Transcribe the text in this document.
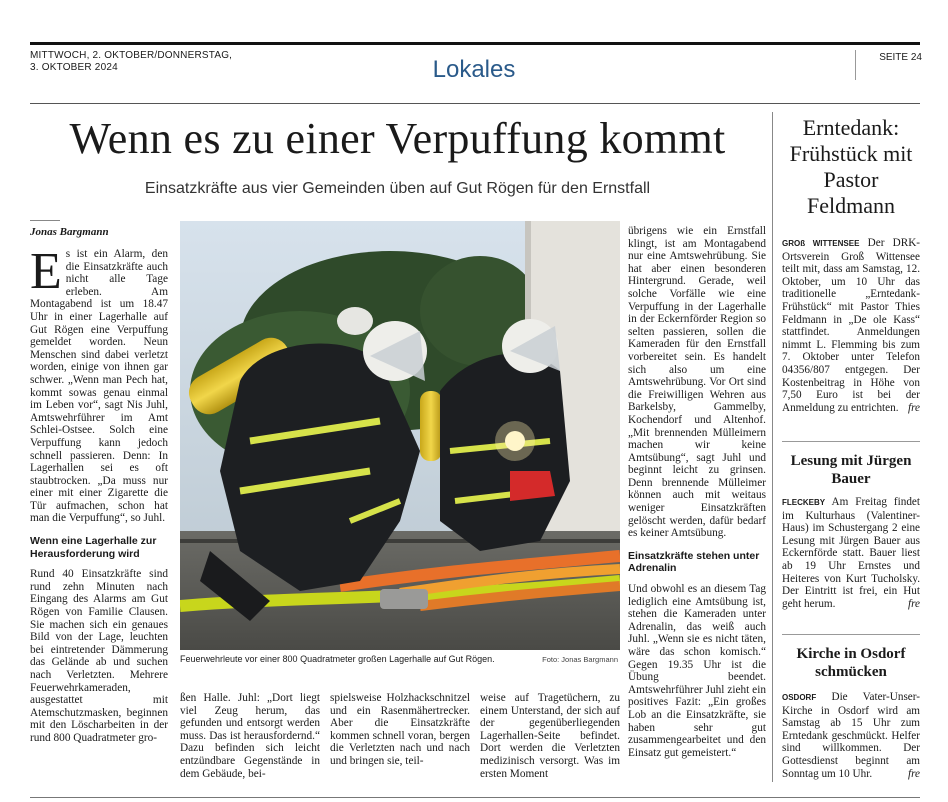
MITTWOCH, 2. OKTOBER/DONNERSTAG,
3. OKTOBER 2024	Lokales	SEITE 24
Wenn es zu einer Verpuffung kommt
Einsatzkräfte aus vier Gemeinden üben auf Gut Rögen für den Ernstfall
Jonas Bargmann

Es ist ein Alarm, den die Einsatzkräfte auch nicht alle Tage erleben. Am Montagabend ist um 18.47 Uhr in einer Lagerhalle auf Gut Rögen eine Verpuffung gemeldet worden. Neun Menschen sind dabei verletzt worden, einige von ihnen gar schwer. „Wenn man Pech hat, kommt sowas genau einmal im Leben vor“, sagt Nis Juhl, Amtswehrführer im Amt Schlei-Ostsee. Solch eine Verpuffung kann jedoch schnell passieren. Denn: In Lagerhallen sei es oft staubtrocken. „Da muss nur einer mit einer Zigarette die Tür aufmachen, schon hat man die Verpuffung“, so Juhl.

Wenn eine Lagerhalle zur Herausforderung wird

Rund 40 Einsatzkräfte sind rund zehn Minuten nach Eingang des Alarms am Gut Rögen von Familie Clausen. Sie machen sich ein genaues Bild von der Lage, leuchten bei eintretender Dämmerung das Gelände ab und suchen nach Verletzten. Mehrere Feuerwehrkameraden, ausgestattet mit Atemschutzmasken, beginnen mit den Löscharbeiten in der rund 800 Quadratmeter gro-

Feuerwehrleute vor einer 800 Quadratmeter großen Lagerhalle auf Gut Rögen.	Foto: Jonas Bargmann

ßen Halle. Juhl: „Dort liegt viel Zeug herum, das gefunden und entsorgt werden muss. Das ist herausfordernd.“ Dazu befinden sich leicht entzündbare Gegenstände in dem Gebäude, bei-

spielsweise Holzhackschnitzel und ein Rasenmähertrecker. Aber die Einsatzkräfte kommen schnell voran, bergen die Verletzten nach und nach und bringen sie, teil-

weise auf Tragetüchern, zu einem Unterstand, der sich auf der gegenüberliegenden Lagerhallen-Seite befindet. Dort werden die Verletzten medizinisch versorgt. Was im ersten Moment

übrigens wie ein Ernstfall klingt, ist am Montagabend nur eine Amtswehrübung. Sie hat aber einen besonderen Hintergrund. Gerade, weil solche Vorfälle wie eine Verpuffung in der Lagerhalle in der Eckernförder Region so selten passieren, sollen die Kameraden für den Ernstfall vorbereitet sein. Es handelt sich also um eine Amtswehrübung. Vor Ort sind die Freiwilligen Wehren aus Barkelsby, Gammelby, Kochendorf und Altenhof. „Mit brennenden Mülleimern machen wir keine Amtsübung“, sagt Juhl und beginnt leicht zu grinsen. Denn brennende Mülleimer können auch mit weitaus weniger Einsatzkräften gelöscht werden, dafür bedarf es keiner Amtsübung.

Einsatzkräfte stehen unter Adrenalin

Und obwohl es an diesem Tag lediglich eine Amtsübung ist, stehen die Kameraden unter Adrenalin, das weiß auch Juhl. „Wenn sie es nicht täten, wäre das schon komisch.“ Gegen 19.35 Uhr ist die Übung beendet. Amtswehrführer Juhl zieht ein positives Fazit: „Ein großes Lob an die Einsatzkräfte, sie haben sehr gut zusammengearbeitet und den Einsatz gut gemeistert.“

Erntedank: Frühstück mit Pastor Feldmann
GROß WITTENSEE Der DRK-Ortsverein Groß Wittensee teilt mit, dass am Samstag, 12. Oktober, um 10 Uhr das traditionelle „Erntedank-Frühstück“ mit Pastor Thies Feldmann in „De ole Kass“ stattfindet. Anmeldungen nimmt L. Flemming bis zum 7. Oktober unter Telefon 04356/807 entgegen. Der Kostenbeitrag in Höhe von 7,50 Euro ist bei der Anmeldung zu entrichten. fre
Lesung mit Jürgen Bauer
FLECKEBY Am Freitag findet im Kulturhaus (Valentiner-Haus) im Schustergang 2 eine Lesung mit Jürgen Bauer aus Eckernförde statt. Bauer liest ab 19 Uhr Ernstes und Heiteres von Kurt Tucholsky. Der Eintritt ist frei, ein Hut geht herum.	fre
Kirche in Osdorf schmücken
OSDORF Die Vater-Unser-Kirche in Osdorf wird am Samstag ab 15 Uhr zum Erntedank geschmückt. Helfer sind willkommen. Der Gottesdienst beginnt am Sonntag um 10 Uhr.	fre
